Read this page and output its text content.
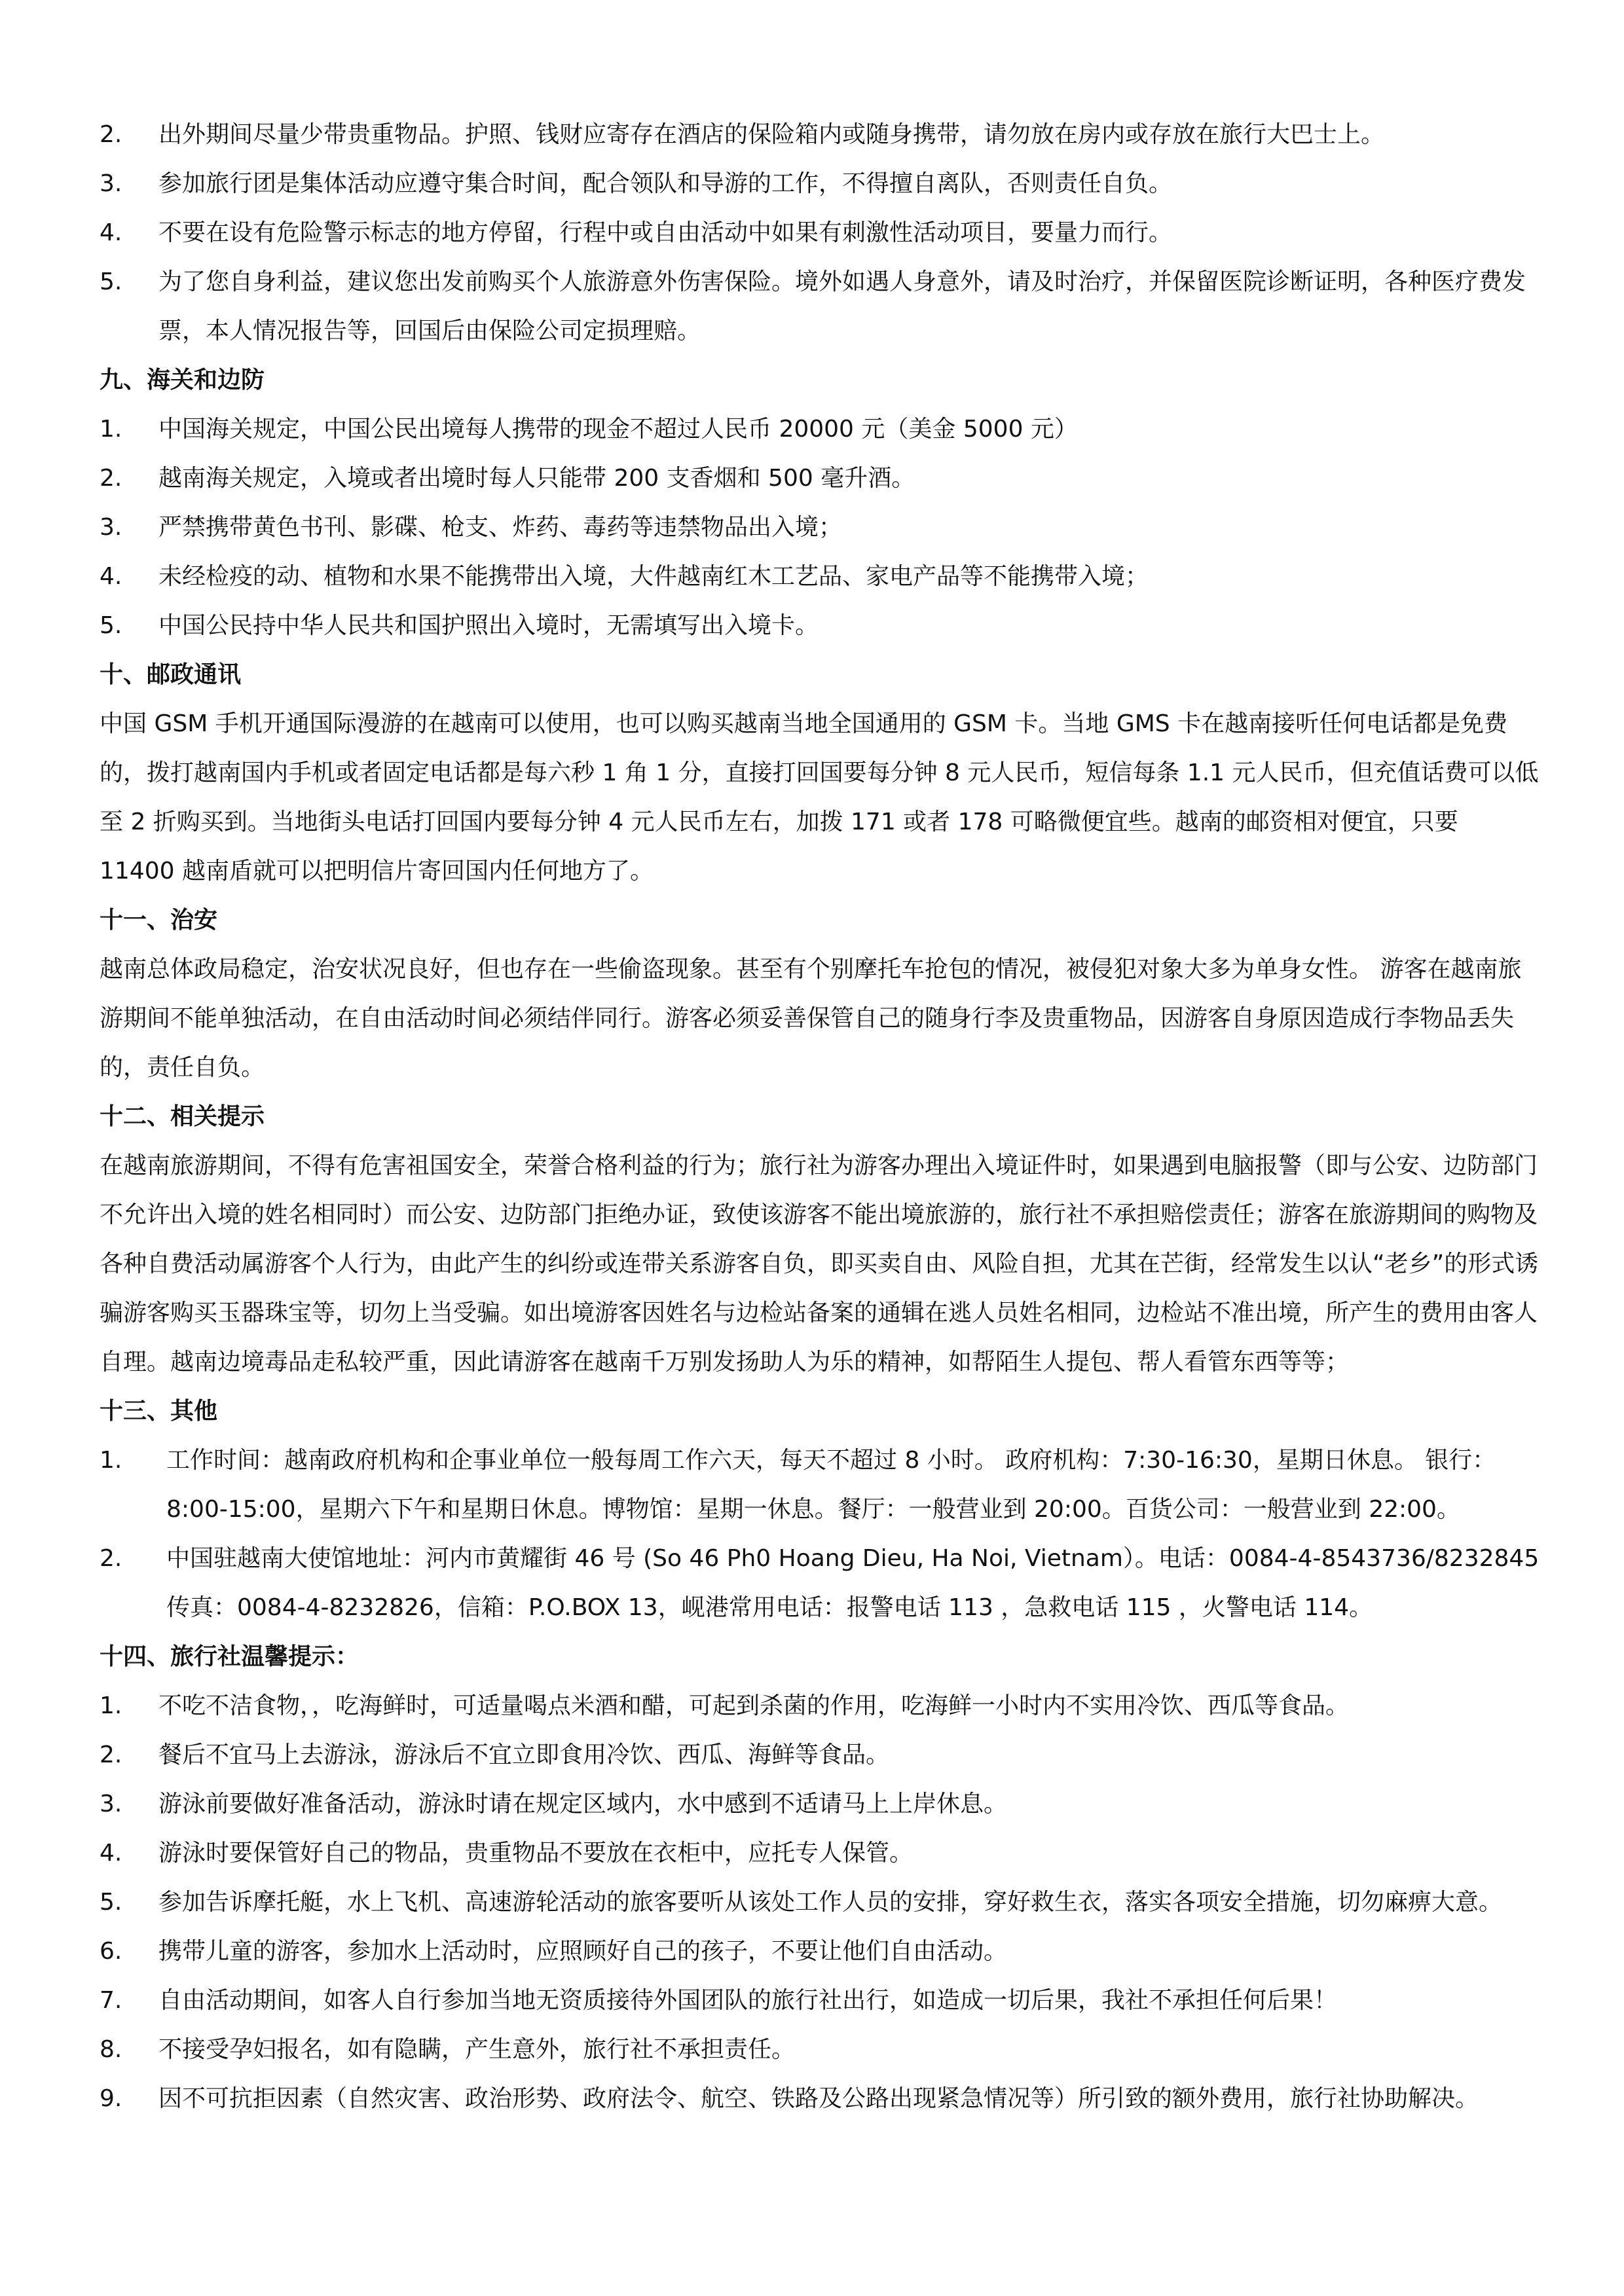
2. 出外期间尽量少带贵重物品。护照、钱财应寄存在酒店的保险箱内或随身携带，请勿放在房内或存放在旅行大巴士上。
3. 参加旅行团是集体活动应遵守集合时间，配合领队和导游的工作，不得擅自离队，否则责任自负。
4. 不要在设有危险警示标志的地方停留，行程中或自由活动中如果有刺激性活动项目，要量力而行。
5. 为了您自身利益，建议您出发前购买个人旅游意外伤害保险。境外如遇人身意外，请及时治疗，并保留医院诊断证明，各种医疗费发票，本人情况报告等，回国后由保险公司定损理赔。

九、海关和边防

1. 中国海关规定，中国公民出境每人携带的现金不超过人民币 20000 元（美金 5000 元）
2. 越南海关规定，入境或者出境时每人只能带 200 支香烟和 500 毫升酒。
3. 严禁携带黄色书刊、影碟、枪支、炸药、毒药等违禁物品出入境；
4. 未经检疫的动、植物和水果不能携带出入境，大件越南红木工艺品、家电产品等不能携带入境；
5. 中国公民持中华人民共和国护照出入境时，无需填写出入境卡。

十、邮政通讯

中国 GSM 手机开通国际漫游的在越南可以使用，也可以购买越南当地全国通用的 GSM 卡。当地 GMS 卡在越南接听任何电话都是免费的，拨打越南国内手机或者固定电话都是每六秒 1 角 1 分，直接打回国要每分钟 8 元人民币，短信每条 1.1 元人民币，但充值话费可以低至 2 折购买到。当地街头电话打回国内要每分钟 4 元人民币左右，加拨 171 或者 178 可略微便宜些。越南的邮资相对便宜，只要 11400 越南盾就可以把明信片寄回国内任何地方了。

十一、治安

越南总体政局稳定，治安状况良好，但也存在一些偷盗现象。甚至有个别摩托车抢包的情况，被侵犯对象大多为单身女性。 游客在越南旅游期间不能单独活动，在自由活动时间必须结伴同行。游客必须妥善保管自己的随身行李及贵重物品，因游客自身原因造成行李物品丢失的，责任自负。

十二、相关提示

在越南旅游期间，不得有危害祖国安全，荣誉合格利益的行为；旅行社为游客办理出入境证件时，如果遇到电脑报警（即与公安、边防部门不允许出入境的姓名相同时）而公安、边防部门拒绝办证，致使该游客不能出境旅游的，旅行社不承担赔偿责任；游客在旅游期间的购物及各种自费活动属游客个人行为，由此产生的纠纷或连带关系游客自负，即买卖自由、风险自担，尤其在芒街，经常发生以认“老乡”的形式诱骗游客购买玉器珠宝等，切勿上当受骗。如出境游客因姓名与边检站备案的通辑在逃人员姓名相同，边检站不准出境，所产生的费用由客人自理。越南边境毒品走私较严重，因此请游客在越南千万别发扬助人为乐的精神，如帮陌生人提包、帮人看管东西等等；

十三、其他

1.	工作时间：越南政府机构和企事业单位一般每周工作六天，每天不超过 8 小时。 政府机构：7:30-16:30，星期日休息。 银行：8:00-15:00，星期六下午和星期日休息。博物馆：星期一休息。餐厅：一般营业到 20:00。百货公司：一般营业到 22:00。
2.	中国驻越南大使馆地址：河内市黄耀街 46 号 (So 46 Ph0 Hoang Dieu, Ha Noi, Vietnam）。电话：0084-4-8543736/8232845 传真：0084-4-8232826，信箱：P.O.BOX 13，岘港常用电话：报警电话 113 ，急救电话 115 ，火警电话 114。

十四、旅行社温馨提示：

1. 不吃不洁食物，，吃海鲜时，可适量喝点米酒和醋，可起到杀菌的作用，吃海鲜一小时内不实用冷饮、西瓜等食品。
2. 餐后不宜马上去游泳，游泳后不宜立即食用冷饮、西瓜、海鲜等食品。
3. 游泳前要做好准备活动，游泳时请在规定区域内，水中感到不适请马上上岸休息。
4. 游泳时要保管好自己的物品，贵重物品不要放在衣柜中，应托专人保管。
5. 参加告诉摩托艇，水上飞机、高速游轮活动的旅客要听从该处工作人员的安排，穿好救生衣，落实各项安全措施，切勿麻痹大意。
6. 携带儿童的游客，参加水上活动时，应照顾好自己的孩子，不要让他们自由活动。
7. 自由活动期间，如客人自行参加当地无资质接待外国团队的旅行社出行，如造成一切后果，我社不承担任何后果！
8. 不接受孕妇报名，如有隐瞒，产生意外，旅行社不承担责任。
9. 因不可抗拒因素（自然灾害、政治形势、政府法令、航空、铁路及公路出现紧急情况等）所引致的额外费用，旅行社协助解决。
